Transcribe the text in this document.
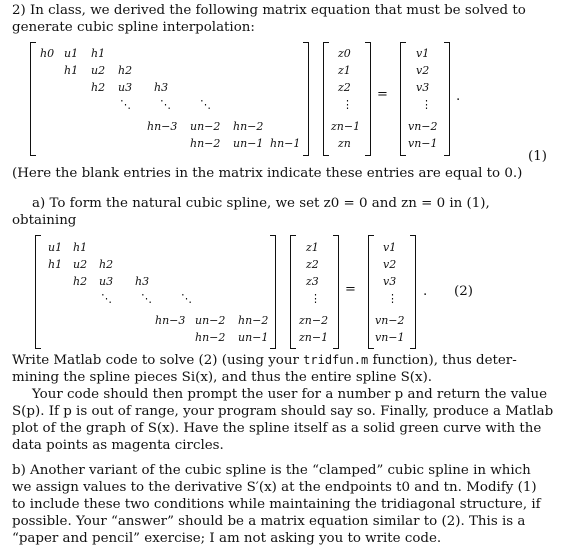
2) In class, we derived the following matrix equation that must be solved to
generate cubic spline interpolation:
h0 u1 h1
h1 u2 h2
h2 u3 h3
⋱	⋱	⋱
hn−3 un−2 hn−2
hn−2 un−1 hn−1
z0
z1
z2
⋮
zn−1
zn
=
v1
v2
v3
⋮
vn−2
vn−1
.
(1)
(Here the blank entries in the matrix indicate these entries are equal to 0.)
a) To form the natural cubic spline, we set z0 = 0 and zn = 0 in (1),
obtaining
u1 h1
h1 u2 h2
h2 u3 h3
⋱	⋱	⋱
hn−3 un−2 hn−2
hn−2 un−1
z1
z2
z3
⋮
zn−2
zn−1
=
v1
v2
v3
⋮
vn−2
vn−1
. (2)
Write Matlab code to solve (2) (using your tridfun.m function), thus deter-
mining the spline pieces Si(x), and thus the entire spline S(x).
Your code should then prompt the user for a number p and return the value
S(p). If p is out of range, your program should say so. Finally, produce a Matlab
plot of the graph of S(x). Have the spline itself as a solid green curve with the
data points as magenta circles.
b) Another variant of the cubic spline is the “clamped” cubic spline in which
we assign values to the derivative S′(x) at the endpoints t0 and tn. Modify (1)
to include these two conditions while maintaining the tridiagonal structure, if
possible. Your “answer” should be a matrix equation similar to (2). This is a
“paper and pencil” exercise; I am not asking you to write code.
